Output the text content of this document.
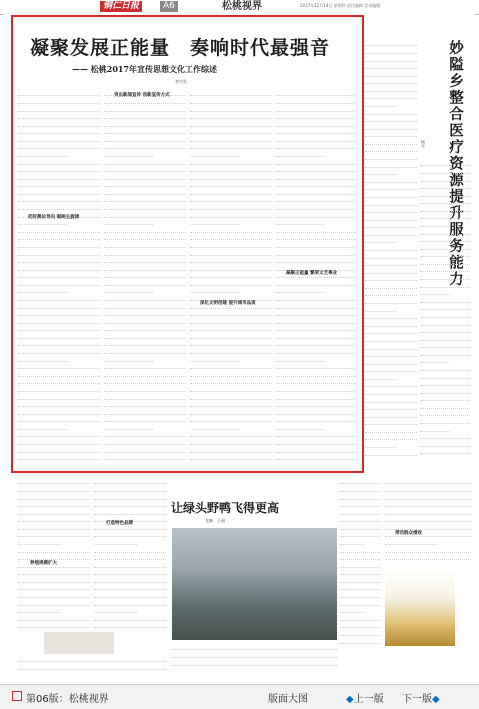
铜仁日报	A6	松桃视界	2017年12月14日 星期四 责任编辑 美术编辑
凝聚发展正能量　奏响时代最强音
—— 松桃2017年宣传思想文化工作综述
李兴发
把好舆论导向 唱响主旋律
突出新闻宣传 创新宣传方式
深化文明创建 提升城市品质
凝聚正能量 繁荣文艺事业	妙隘乡整合医疗资源提升服务能力
杨平
让绿头野鸭飞得更高
龙颖　王丽
养殖规模扩大
打造特色品牌
带动群众增收
第06版：松桃视界	版面大图	◆上一版 下一版◆
